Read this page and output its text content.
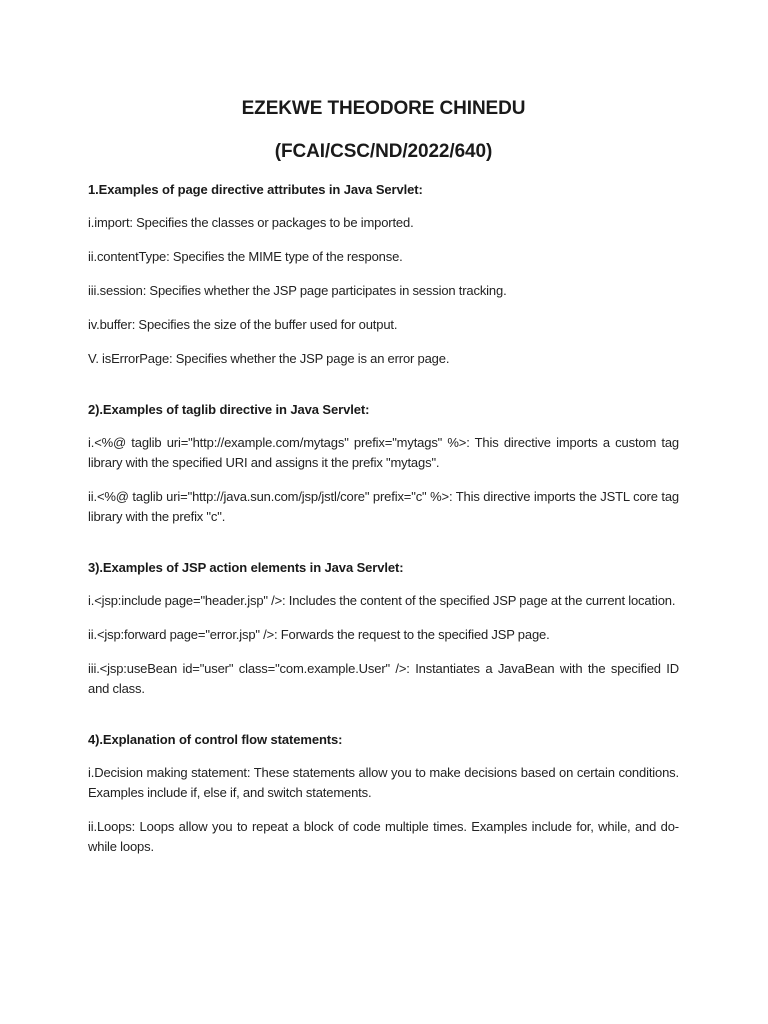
EZEKWE THEODORE CHINEDU
(FCAI/CSC/ND/2022/640)

1.Examples of page directive attributes in Java Servlet:

i.import: Specifies the classes or packages to be imported.

ii.contentType: Specifies the MIME type of the response.

iii.session: Specifies whether the JSP page participates in session tracking.

iv.buffer: Specifies the size of the buffer used for output.

V. isErrorPage: Specifies whether the JSP page is an error page.

2).Examples of taglib directive in Java Servlet:

i.<%@ taglib uri="http://example.com/mytags" prefix="mytags" %>: This directive imports a custom tag library with the specified URI and assigns it the prefix "mytags".

ii.<%@ taglib uri="http://java.sun.com/jsp/jstl/core" prefix="c" %>: This directive imports the JSTL core tag library with the prefix "c".

3).Examples of JSP action elements in Java Servlet:

i.<jsp:include page="header.jsp" />: Includes the content of the specified JSP page at the current location.

ii.<jsp:forward page="error.jsp" />: Forwards the request to the specified JSP page.

iii.<jsp:useBean id="user" class="com.example.User" />: Instantiates a JavaBean with the specified ID and class.

4).Explanation of control flow statements:

i.Decision making statement: These statements allow you to make decisions based on certain conditions. Examples include if, else if, and switch statements.

ii.Loops: Loops allow you to repeat a block of code multiple times. Examples include for, while, and do-while loops.
